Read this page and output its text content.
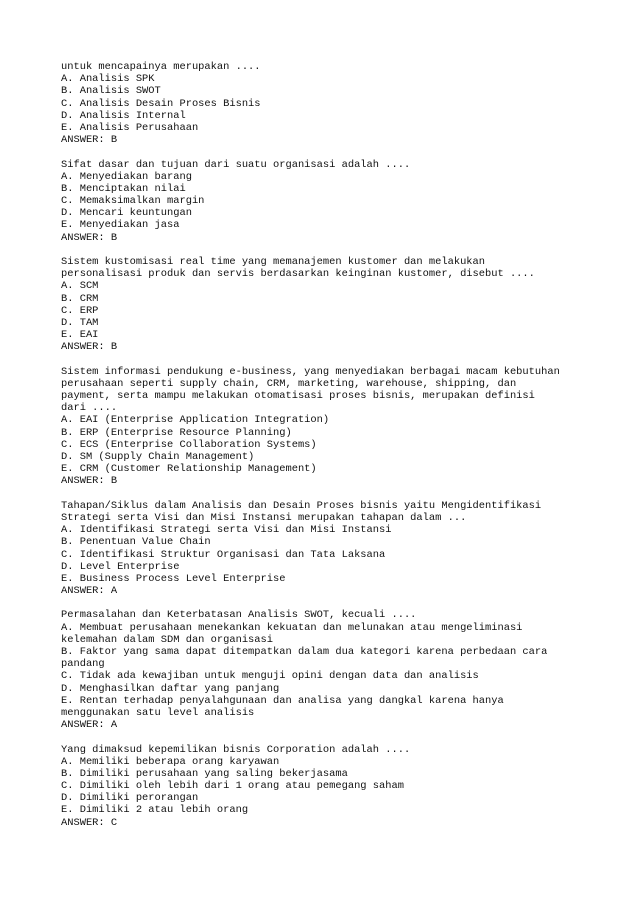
untuk mencapainya merupakan ....
A. Analisis SPK
B. Analisis SWOT
C. Analisis Desain Proses Bisnis
D. Analisis Internal
E. Analisis Perusahaan
ANSWER: B
Sifat dasar dan tujuan dari suatu organisasi adalah ....
A. Menyediakan barang
B. Menciptakan nilai
C. Memaksimalkan margin
D. Mencari keuntungan
E. Menyediakan jasa
ANSWER: B
Sistem kustomisasi real time yang memanajemen kustomer dan melakukan
personalisasi produk dan servis berdasarkan keinginan kustomer, disebut ....
A. SCM
B. CRM
C. ERP
D. TAM
E. EAI
ANSWER: B
Sistem informasi pendukung e-business, yang menyediakan berbagai macam kebutuhan
perusahaan seperti supply chain, CRM, marketing, warehouse, shipping, dan
payment, serta mampu melakukan otomatisasi proses bisnis, merupakan definisi
dari ....
A. EAI (Enterprise Application Integration)
B. ERP (Enterprise Resource Planning)
C. ECS (Enterprise Collaboration Systems)
D. SM (Supply Chain Management)
E. CRM (Customer Relationship Management)
ANSWER: B
Tahapan/Siklus dalam Analisis dan Desain Proses bisnis yaitu Mengidentifikasi
Strategi serta Visi dan Misi Instansi merupakan tahapan dalam ...
A. Identifikasi Strategi serta Visi dan Misi Instansi
B. Penentuan Value Chain
C. Identifikasi Struktur Organisasi dan Tata Laksana
D. Level Enterprise
E. Business Process Level Enterprise
ANSWER: A
Permasalahan dan Keterbatasan Analisis SWOT, kecuali ....
A. Membuat perusahaan menekankan kekuatan dan melunakan atau mengeliminasi
kelemahan dalam SDM dan organisasi
B. Faktor yang sama dapat ditempatkan dalam dua kategori karena perbedaan cara
pandang
C. Tidak ada kewajiban untuk menguji opini dengan data dan analisis
D. Menghasilkan daftar yang panjang
E. Rentan terhadap penyalahgunaan dan analisa yang dangkal karena hanya
menggunakan satu level analisis
ANSWER: A
Yang dimaksud kepemilikan bisnis Corporation adalah ....
A. Memiliki beberapa orang karyawan
B. Dimiliki perusahaan yang saling bekerjasama
C. Dimiliki oleh lebih dari 1 orang atau pemegang saham
D. Dimiliki perorangan
E. Dimiliki 2 atau lebih orang
ANSWER: C
